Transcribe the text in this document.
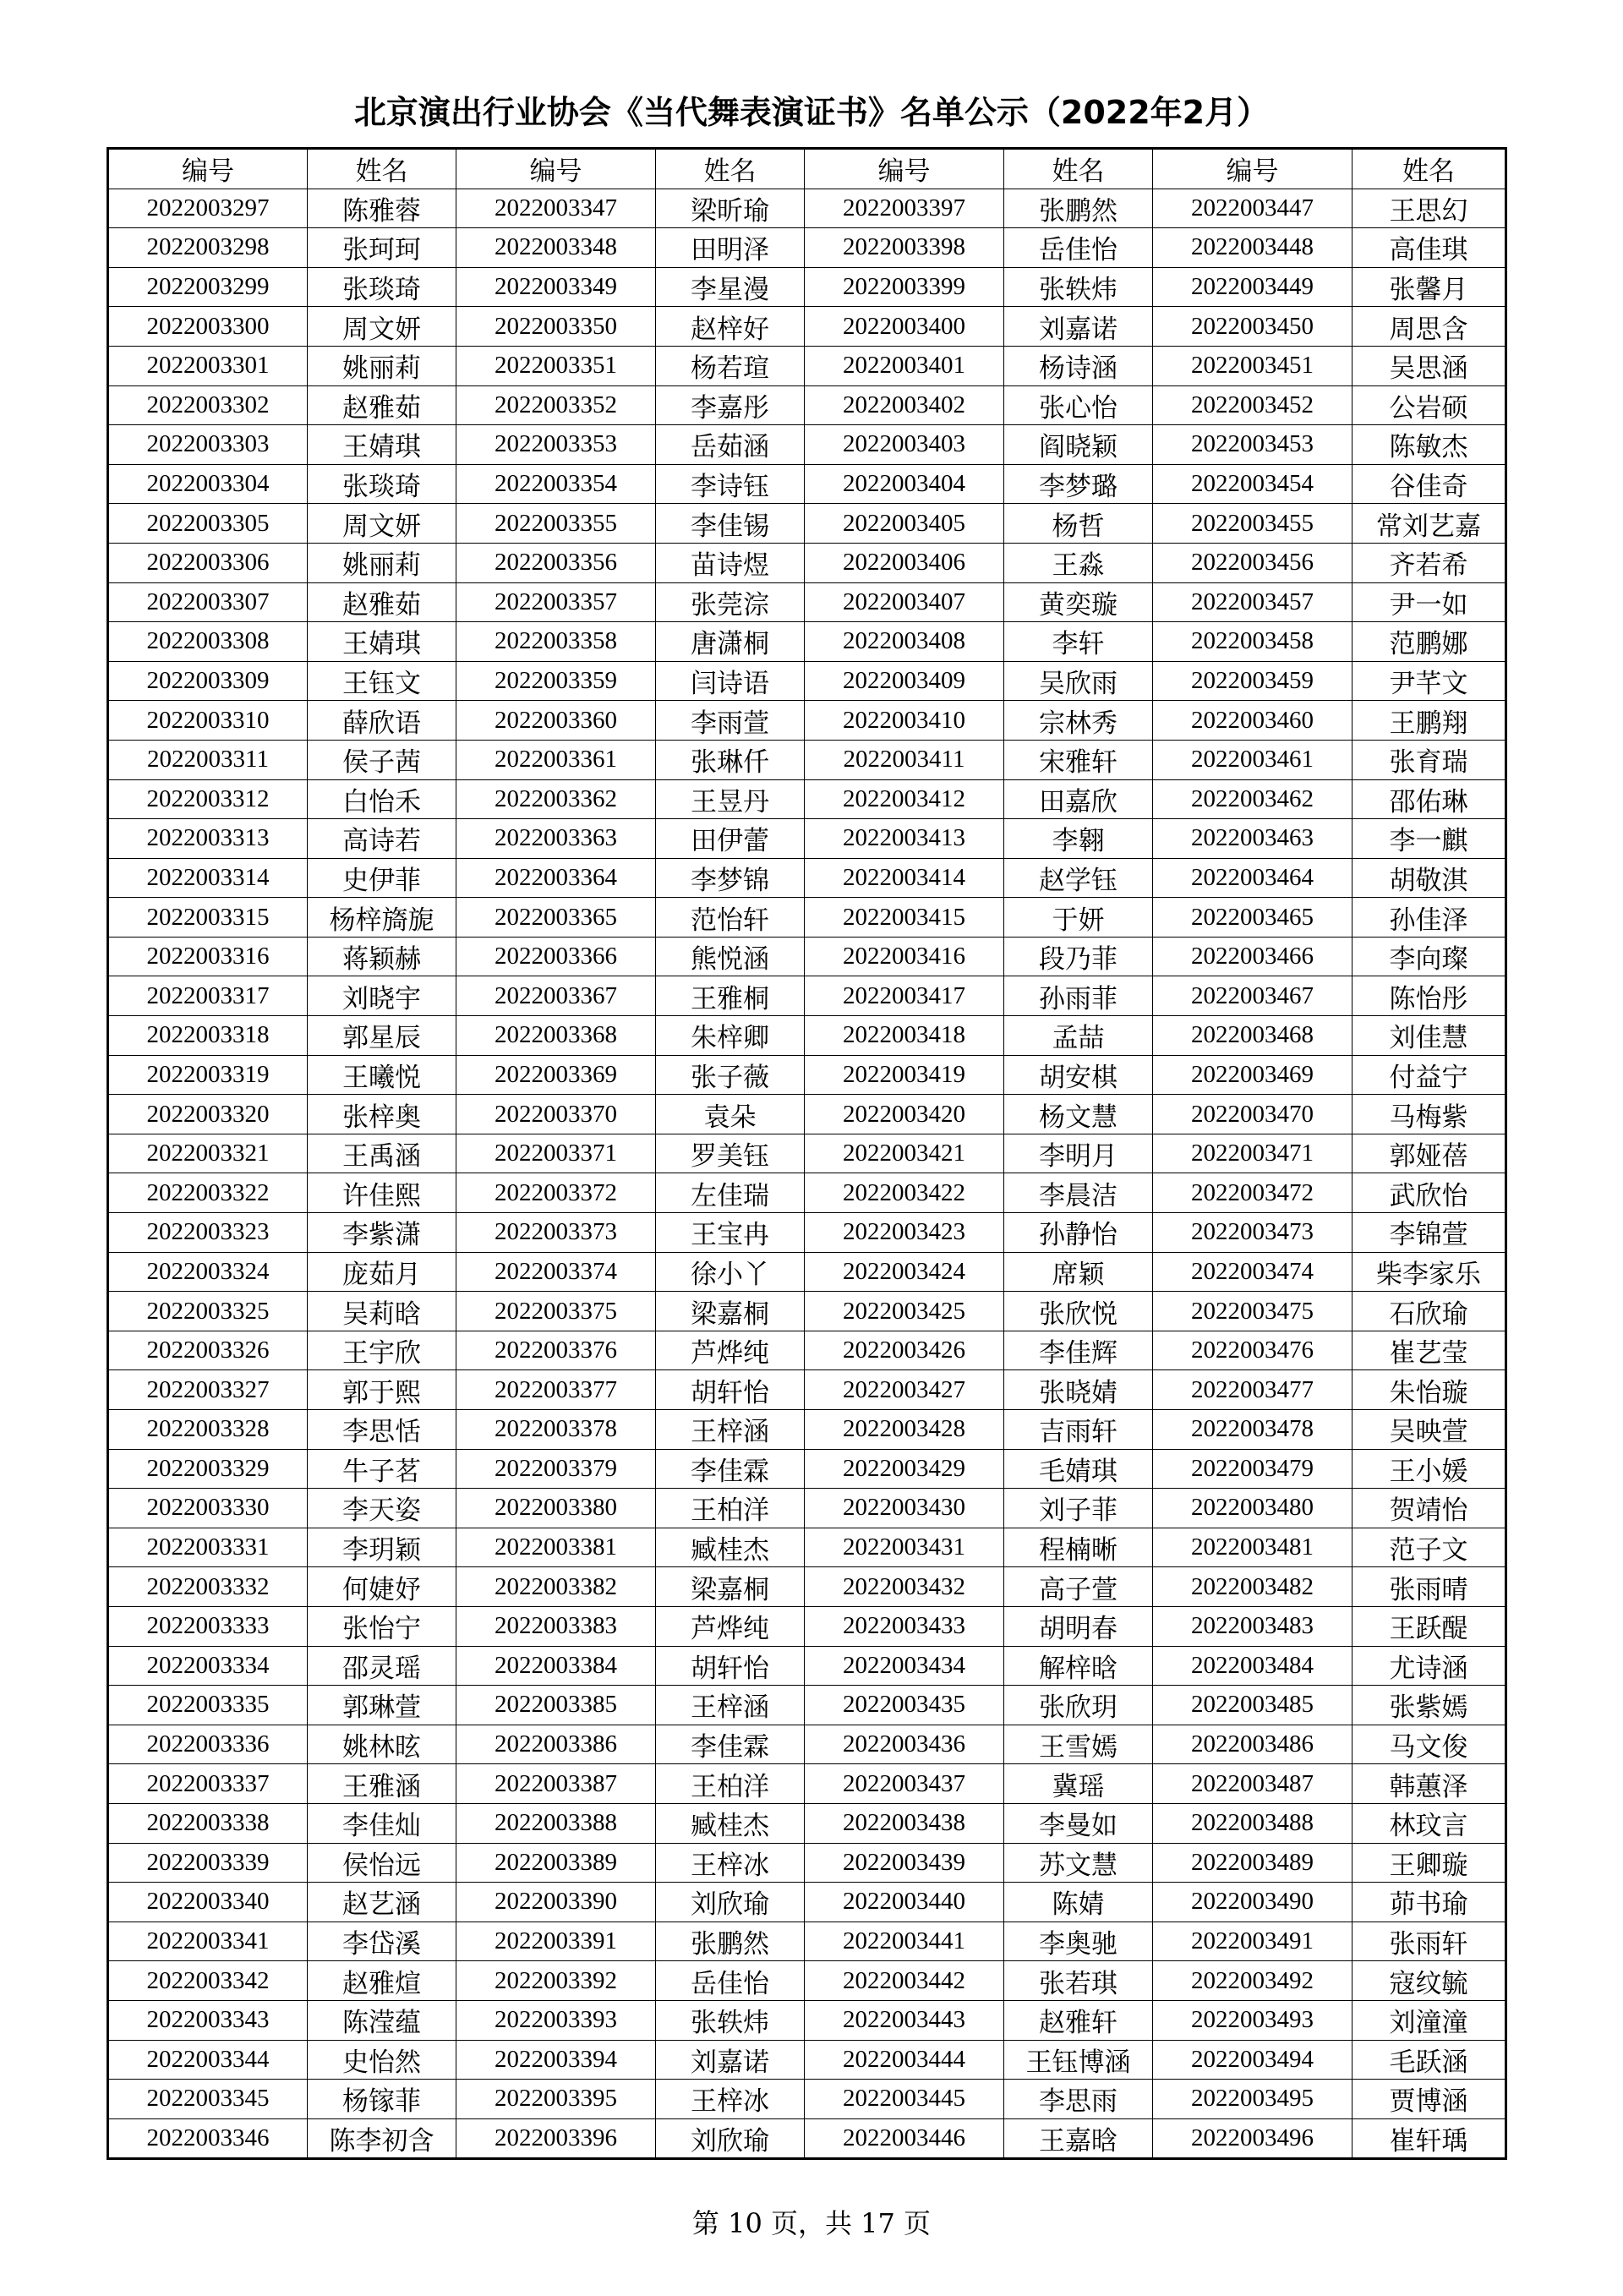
北京演出行业协会《当代舞表演证书》名单公示（2022年2月）
编号	姓名	编号	姓名	编号	姓名	编号	姓名
2022003297	陈雅蓉	2022003347	梁昕瑜	2022003397	张鹏然	2022003447	王思幻
2022003298	张珂珂	2022003348	田明泽	2022003398	岳佳怡	2022003448	高佳琪
2022003299	张琰琦	2022003349	李星漫	2022003399	张轶炜	2022003449	张馨月
2022003300	周文妍	2022003350	赵梓好	2022003400	刘嘉诺	2022003450	周思含
2022003301	姚丽莉	2022003351	杨若瑄	2022003401	杨诗涵	2022003451	吴思涵
2022003302	赵雅茹	2022003352	李嘉彤	2022003402	张心怡	2022003452	公岩硕
2022003303	王婧琪	2022003353	岳茹涵	2022003403	阎晓颖	2022003453	陈敏杰
2022003304	张琰琦	2022003354	李诗钰	2022003404	李梦璐	2022003454	谷佳奇
2022003305	周文妍	2022003355	李佳锡	2022003405	杨哲	2022003455	常刘艺嘉
2022003306	姚丽莉	2022003356	苗诗煜	2022003406	王淼	2022003456	齐若希
2022003307	赵雅茹	2022003357	张莞淙	2022003407	黄奕璇	2022003457	尹一如
2022003308	王婧琪	2022003358	唐潇桐	2022003408	李轩	2022003458	范鹏娜
2022003309	王钰文	2022003359	闫诗语	2022003409	吴欣雨	2022003459	尹芊文
2022003310	薛欣语	2022003360	李雨萱	2022003410	宗林秀	2022003460	王鹏翔
2022003311	侯子茜	2022003361	张琳仟	2022003411	宋雅轩	2022003461	张育瑞
2022003312	白怡禾	2022003362	王昱丹	2022003412	田嘉欣	2022003462	邵佑琳
2022003313	高诗若	2022003363	田伊蕾	2022003413	李翱	2022003463	李一麒
2022003314	史伊菲	2022003364	李梦锦	2022003414	赵学钰	2022003464	胡敬淇
2022003315	杨梓旖旎	2022003365	范怡轩	2022003415	于妍	2022003465	孙佳泽
2022003316	蒋颖赫	2022003366	熊悦涵	2022003416	段乃菲	2022003466	李向璨
2022003317	刘晓宇	2022003367	王雅桐	2022003417	孙雨菲	2022003467	陈怡彤
2022003318	郭星辰	2022003368	朱梓卿	2022003418	孟喆	2022003468	刘佳慧
2022003319	王曦悦	2022003369	张子薇	2022003419	胡安棋	2022003469	付益宁
2022003320	张梓奥	2022003370	袁朵	2022003420	杨文慧	2022003470	马梅紫
2022003321	王禹涵	2022003371	罗美钰	2022003421	李明月	2022003471	郭娅蓓
2022003322	许佳熙	2022003372	左佳瑞	2022003422	李晨洁	2022003472	武欣怡
2022003323	李紫潇	2022003373	王宝冉	2022003423	孙静怡	2022003473	李锦萱
2022003324	庞茹月	2022003374	徐小丫	2022003424	席颖	2022003474	柴李家乐
2022003325	吴莉晗	2022003375	梁嘉桐	2022003425	张欣悦	2022003475	石欣瑜
2022003326	王宇欣	2022003376	芦烨纯	2022003426	李佳辉	2022003476	崔艺莹
2022003327	郭于熙	2022003377	胡轩怡	2022003427	张晓婧	2022003477	朱怡璇
2022003328	李思恬	2022003378	王梓涵	2022003428	吉雨轩	2022003478	吴映萱
2022003329	牛子茗	2022003379	李佳霖	2022003429	毛婧琪	2022003479	王小媛
2022003330	李天姿	2022003380	王柏洋	2022003430	刘子菲	2022003480	贺靖怡
2022003331	李玥颖	2022003381	臧桂杰	2022003431	程楠晰	2022003481	范子文
2022003332	何婕妤	2022003382	梁嘉桐	2022003432	高子萱	2022003482	张雨晴
2022003333	张怡宁	2022003383	芦烨纯	2022003433	胡明春	2022003483	王跃醍
2022003334	邵灵瑶	2022003384	胡轩怡	2022003434	解梓晗	2022003484	尤诗涵
2022003335	郭琳萱	2022003385	王梓涵	2022003435	张欣玥	2022003485	张紫嫣
2022003336	姚林昡	2022003386	李佳霖	2022003436	王雪嫣	2022003486	马文俊
2022003337	王雅涵	2022003387	王柏洋	2022003437	冀瑶	2022003487	韩蕙泽
2022003338	李佳灿	2022003388	臧桂杰	2022003438	李曼如	2022003488	林玟言
2022003339	侯怡远	2022003389	王梓冰	2022003439	苏文慧	2022003489	王卿璇
2022003340	赵艺涵	2022003390	刘欣瑜	2022003440	陈婧	2022003490	茆书瑜
2022003341	李岱溪	2022003391	张鹏然	2022003441	李奥驰	2022003491	张雨轩
2022003342	赵雅煊	2022003392	岳佳怡	2022003442	张若琪	2022003492	寇纹毓
2022003343	陈滢蕴	2022003393	张轶炜	2022003443	赵雅轩	2022003493	刘潼潼
2022003344	史怡然	2022003394	刘嘉诺	2022003444	王钰博涵	2022003494	毛跃涵
2022003345	杨镓菲	2022003395	王梓冰	2022003445	李思雨	2022003495	贾博涵
2022003346	陈李初含	2022003396	刘欣瑜	2022003446	王嘉晗	2022003496	崔轩瑀
第 10 页，共 17 页
